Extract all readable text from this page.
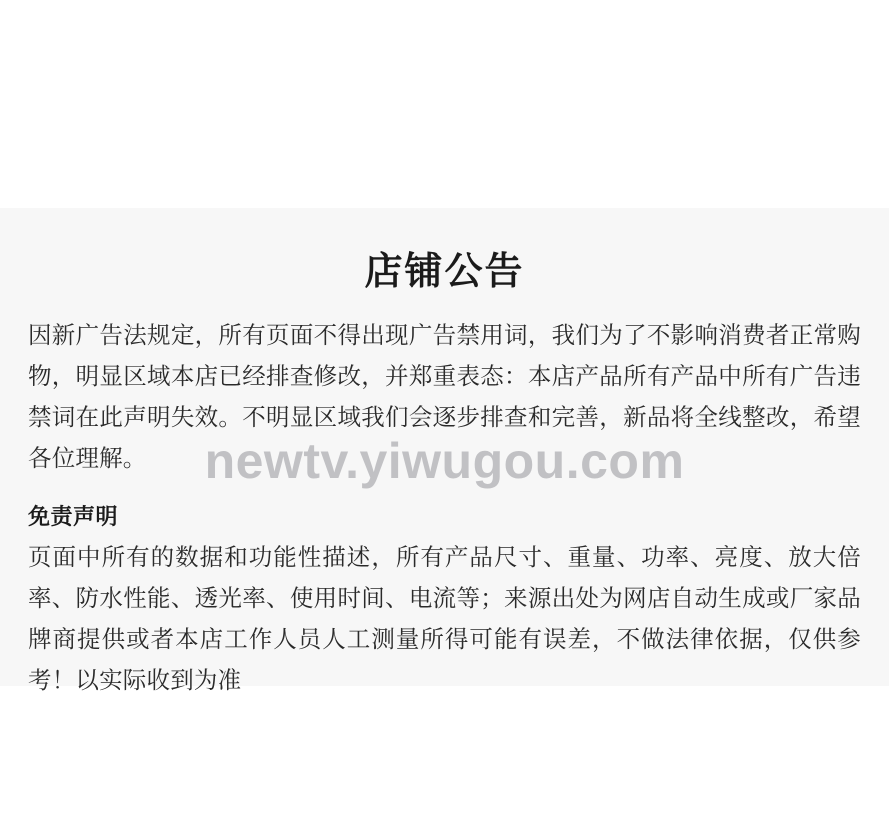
店铺公告

因新广告法规定，所有页面不得出现广告禁用词，我们为了不影响消费者正常购物，明显区域本店已经排查修改，并郑重表态：本店产品所有产品中所有广告违禁词在此声明失效。不明显区域我们会逐步排查和完善，新品将全线整改，希望各位理解。

免责声明

页面中所有的数据和功能性描述，所有产品尺寸、重量、功率、亮度、放大倍率、防水性能、透光率、使用时间、电流等；来源出处为网店自动生成或厂家品牌商提供或者本店工作人员人工测量所得可能有误差，不做法律依据，仅供参考！以实际收到为准

newtv.yiwugou.com
